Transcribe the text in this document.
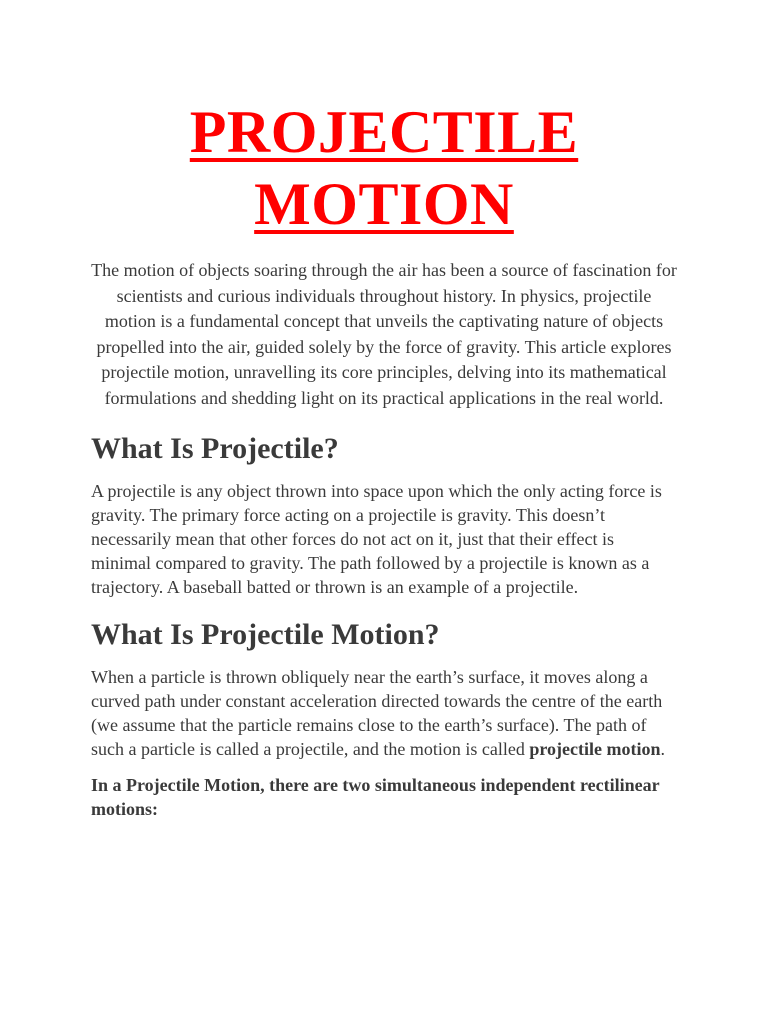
PROJECTILE
MOTION

The motion of objects soaring through the air has been a source of fascination for scientists and curious individuals throughout history. In physics, projectile motion is a fundamental concept that unveils the captivating nature of objects propelled into the air, guided solely by the force of gravity. This article explores projectile motion, unravelling its core principles, delving into its mathematical formulations and shedding light on its practical applications in the real world.

What Is Projectile?

A projectile is any object thrown into space upon which the only acting force is gravity. The primary force acting on a projectile is gravity. This doesn’t necessarily mean that other forces do not act on it, just that their effect is minimal compared to gravity. The path followed by a projectile is known as a trajectory. A baseball batted or thrown is an example of a projectile.

What Is Projectile Motion?

When a particle is thrown obliquely near the earth’s surface, it moves along a curved path under constant acceleration directed towards the centre of the earth (we assume that the particle remains close to the earth’s surface). The path of such a particle is called a projectile, and the motion is called projectile motion.

In a Projectile Motion, there are two simultaneous independent rectilinear motions:
